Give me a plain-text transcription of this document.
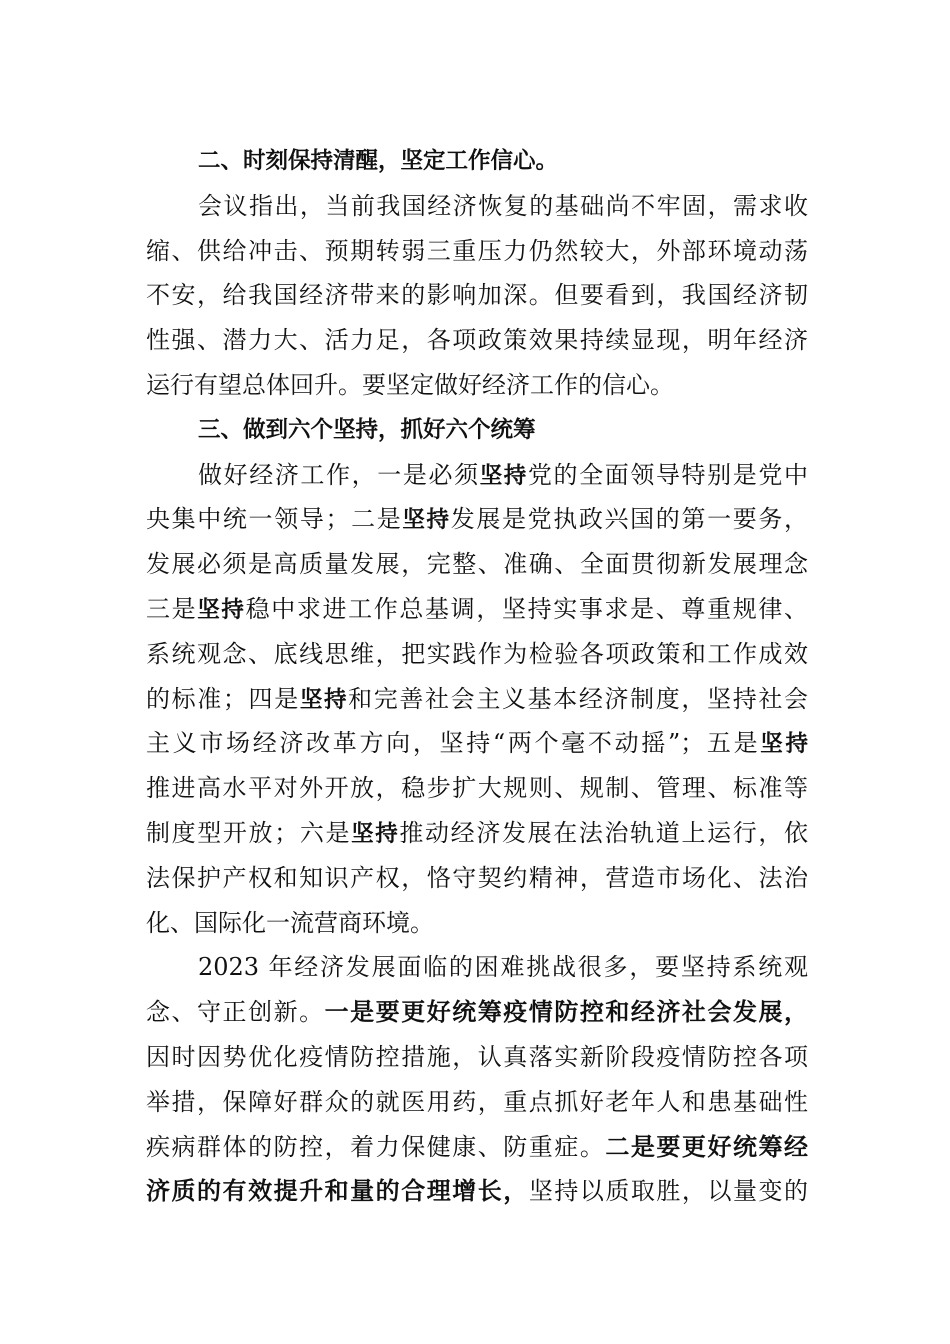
二、时刻保持清醒，坚定工作信心。
会议指出，当前我国经济恢复的基础尚不牢固，需求收
缩、供给冲击、预期转弱三重压力仍然较大，外部环境动荡
不安，给我国经济带来的影响加深。但要看到，我国经济韧
性强、潜力大、活力足，各项政策效果持续显现，明年经济
运行有望总体回升。要坚定做好经济工作的信心。
三、做到六个坚持，抓好六个统筹
做好经济工作，一是必须坚持党的全面领导特别是党中
央集中统一领导；二是坚持发展是党执政兴国的第一要务，
发展必须是高质量发展，完整、准确、全面贯彻新发展理念
三是坚持稳中求进工作总基调，坚持实事求是、尊重规律、
系统观念、底线思维，把实践作为检验各项政策和工作成效
的标准；四是坚持和完善社会主义基本经济制度，坚持社会
主义市场经济改革方向，坚持“两个毫不动摇”；五是坚持
推进高水平对外开放，稳步扩大规则、规制、管理、标准等
制度型开放；六是坚持推动经济发展在法治轨道上运行，依
法保护产权和知识产权，恪守契约精神，营造市场化、法治
化、国际化一流营商环境。
2023 年经济发展面临的困难挑战很多，要坚持系统观
念、守正创新。一是要更好统筹疫情防控和经济社会发展，
因时因势优化疫情防控措施，认真落实新阶段疫情防控各项
举措，保障好群众的就医用药，重点抓好老年人和患基础性
疾病群体的防控，着力保健康、防重症。二是要更好统筹经
济质的有效提升和量的合理增长，坚持以质取胜，以量变的
